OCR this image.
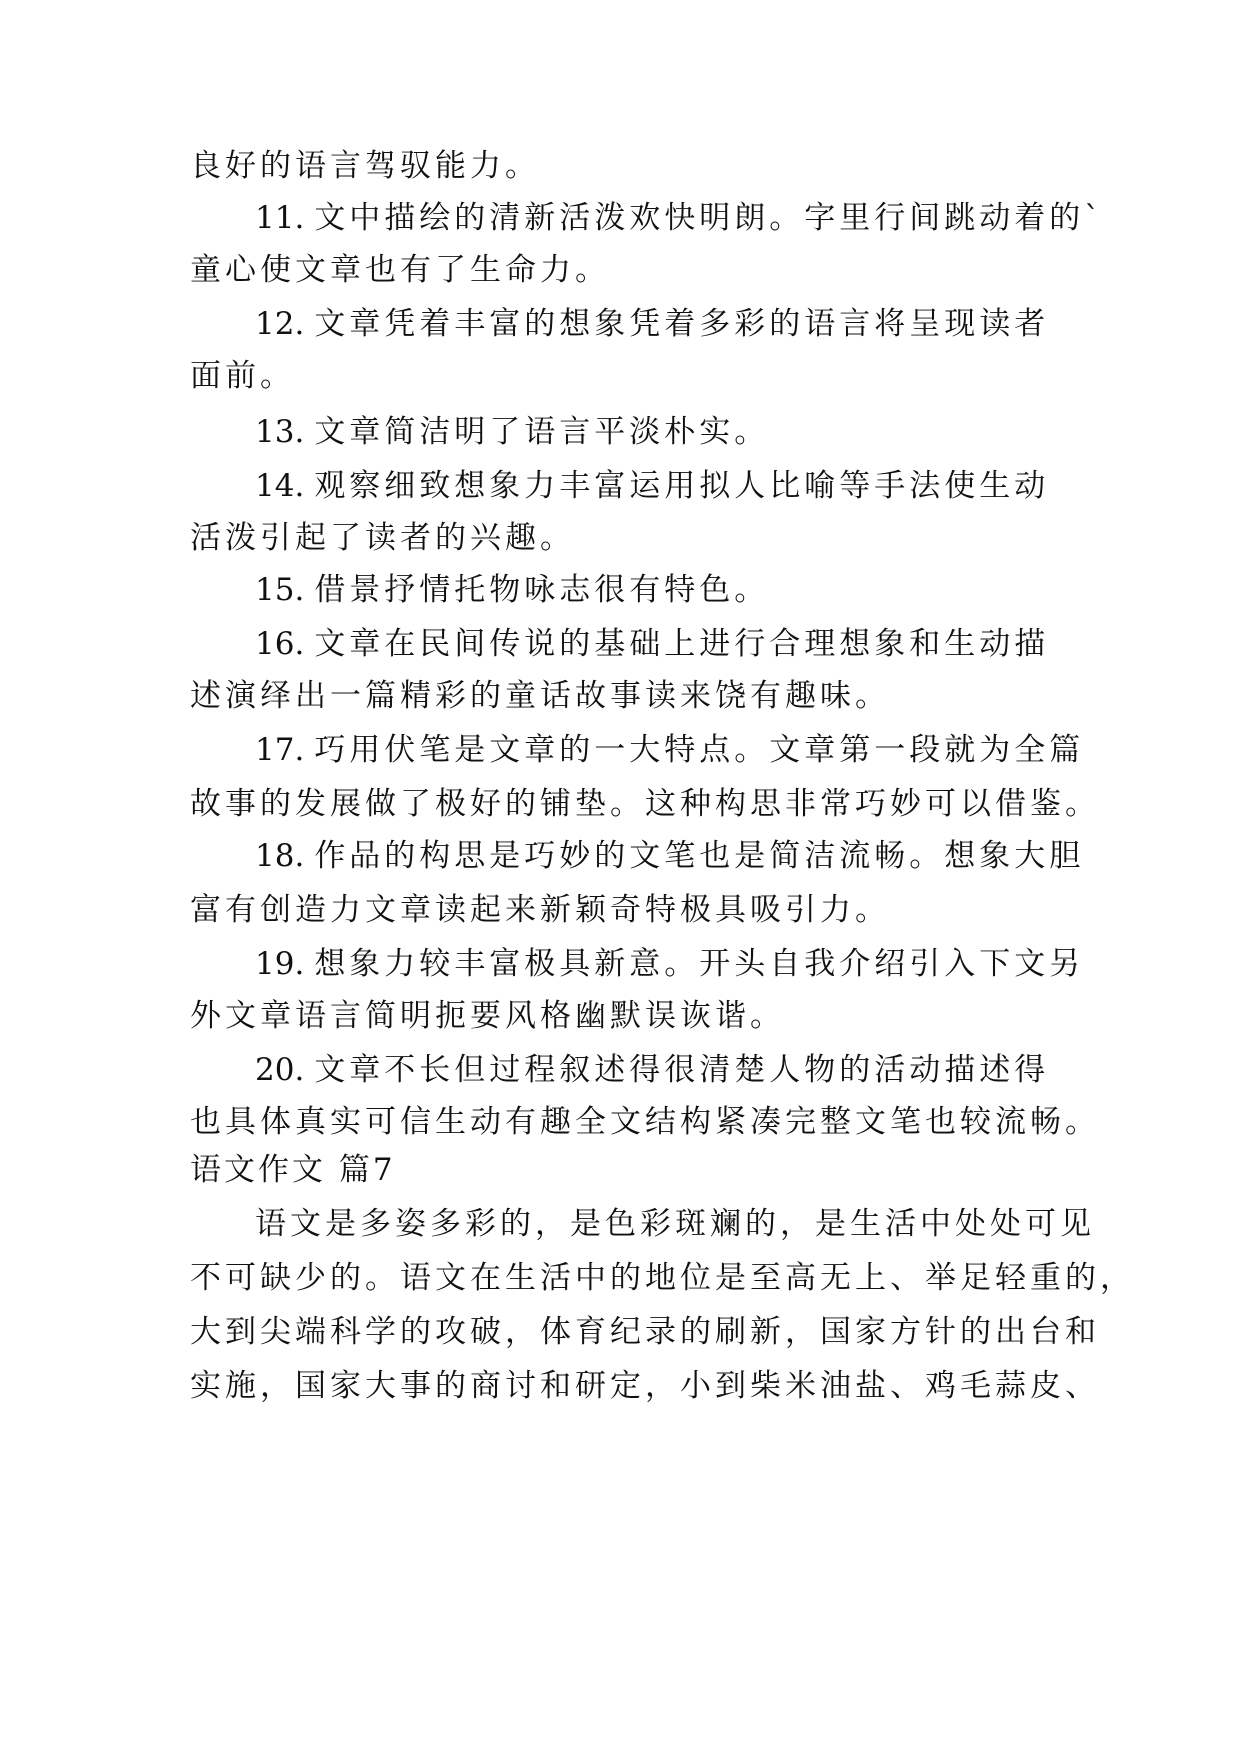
良好的语言驾驭能力。
11. 文中描绘的清新活泼欢快明朗。字里行间跳动着的`
童心使文章也有了生命力。
12. 文章凭着丰富的想象凭着多彩的语言将呈现读者
面前。
13. 文章简洁明了语言平淡朴实。
14. 观察细致想象力丰富运用拟人比喻等手法使生动
活泼引起了读者的兴趣。
15. 借景抒情托物咏志很有特色。
16. 文章在民间传说的基础上进行合理想象和生动描
述演绎出一篇精彩的童话故事读来饶有趣味。
17. 巧用伏笔是文章的一大特点。文章第一段就为全篇
故事的发展做了极好的铺垫。这种构思非常巧妙可以借鉴。
18. 作品的构思是巧妙的文笔也是简洁流畅。想象大胆
富有创造力文章读起来新颖奇特极具吸引力。
19. 想象力较丰富极具新意。开头自我介绍引入下文另
外文章语言简明扼要风格幽默误诙谐。
20. 文章不长但过程叙述得很清楚人物的活动描述得
也具体真实可信生动有趣全文结构紧凑完整文笔也较流畅。
语文作文 篇7
语文是多姿多彩的，是色彩斑斓的，是生活中处处可见
不可缺少的。语文在生活中的地位是至高无上、举足轻重的，
大到尖端科学的攻破，体育纪录的刷新，国家方针的出台和
实施，国家大事的商讨和研定，小到柴米油盐、鸡毛蒜皮、
